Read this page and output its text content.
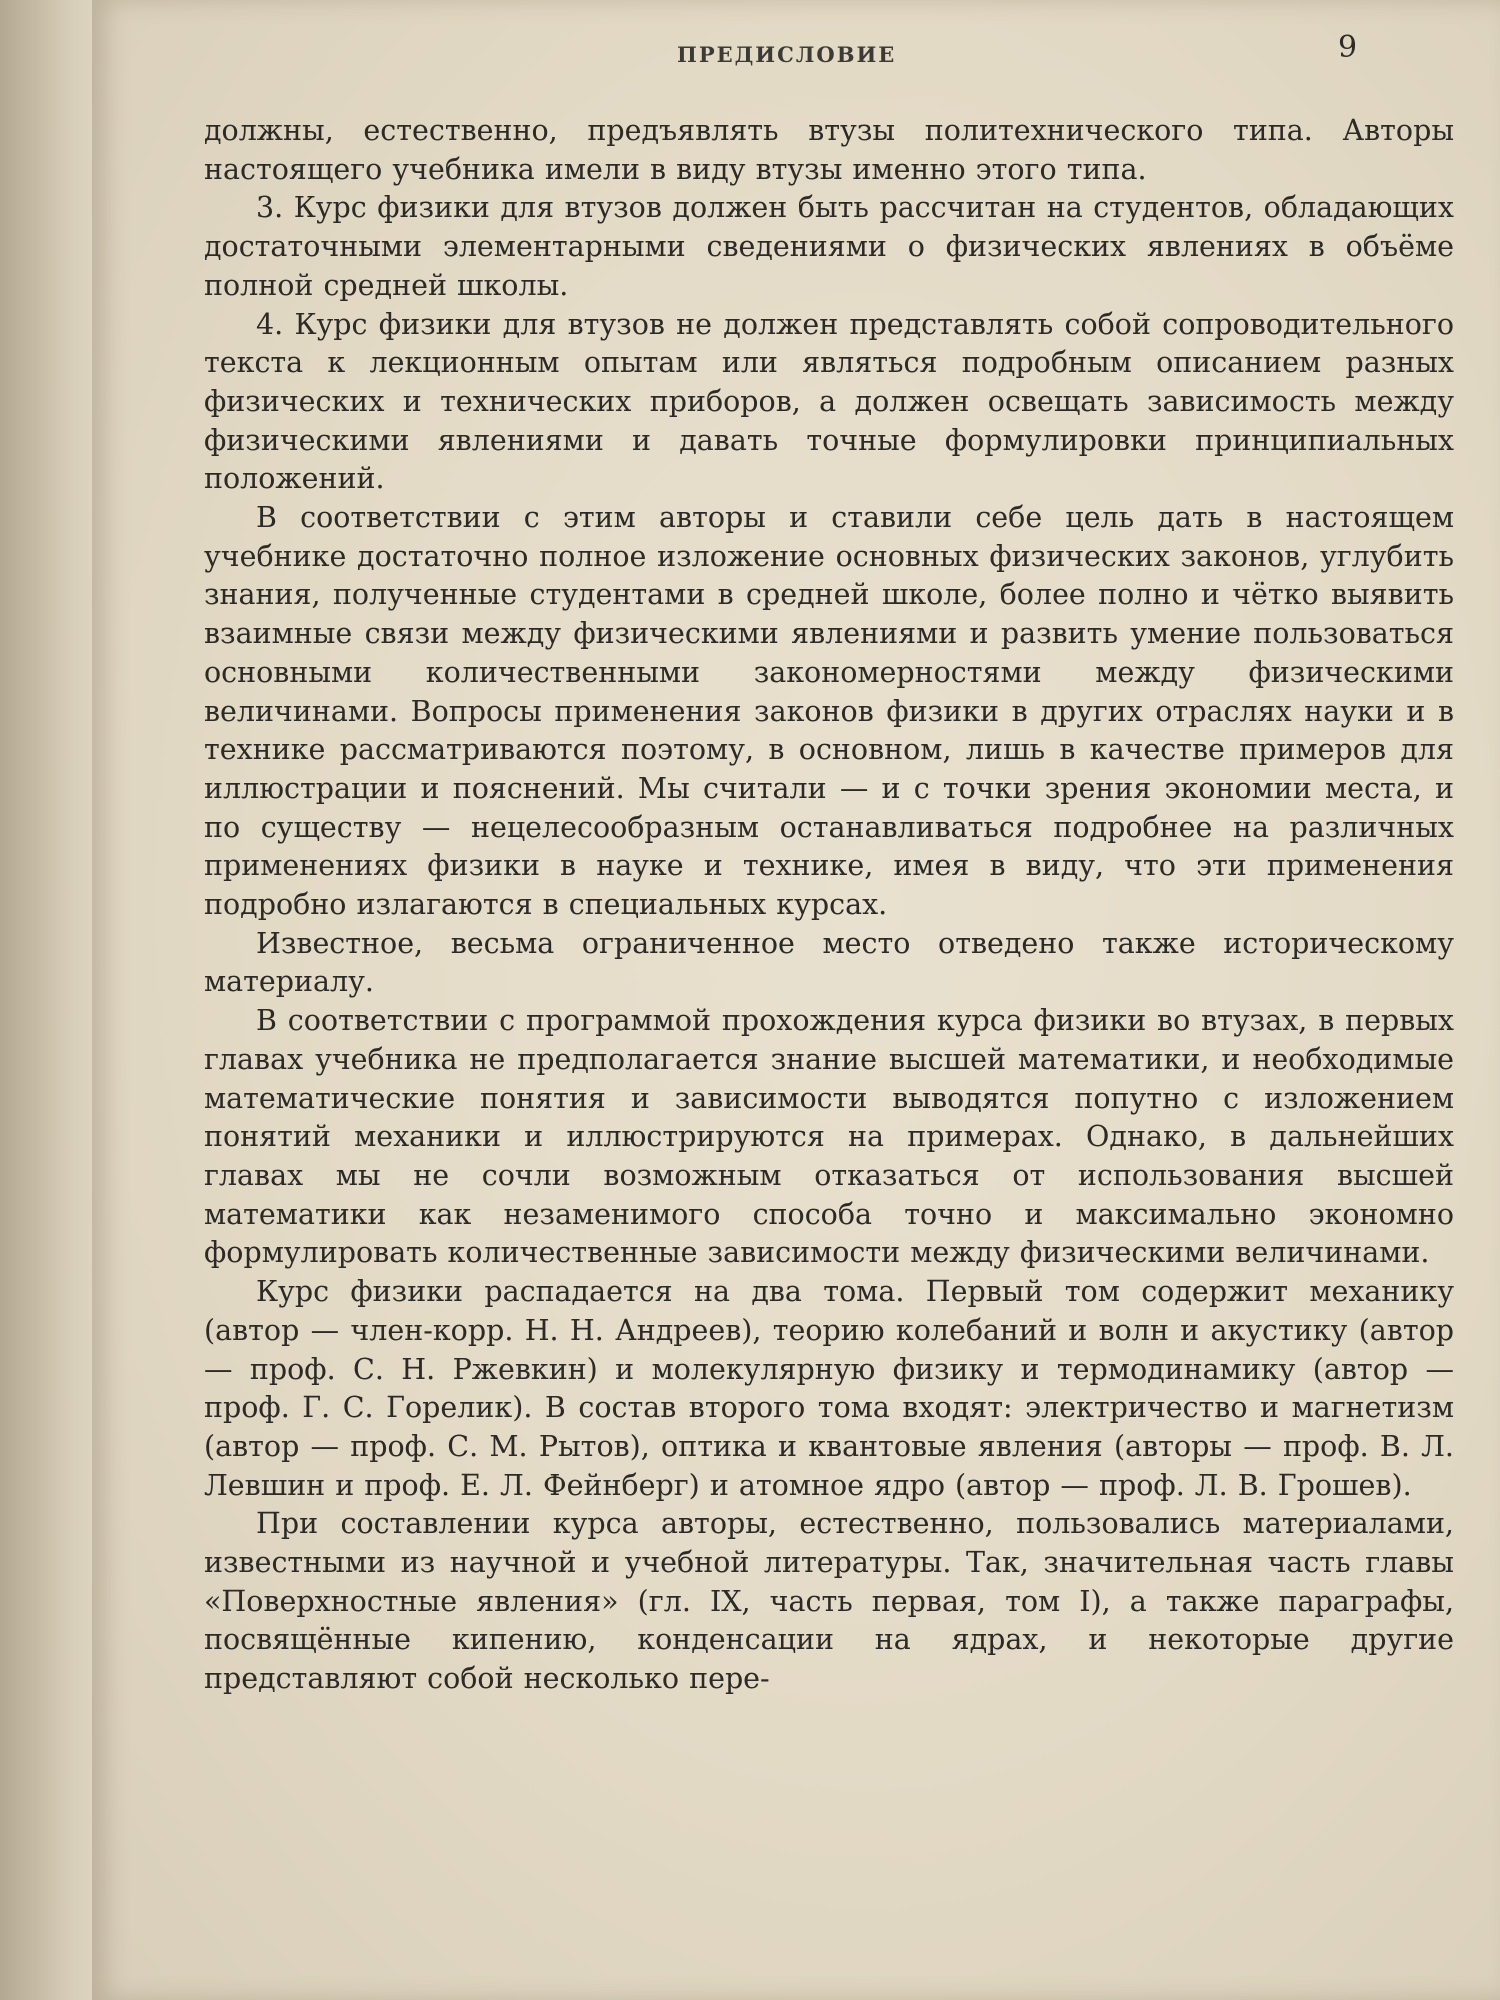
ПРЕДИСЛОВИЕ	9

должны, естественно, предъявлять втузы политехнического типа. Авторы настоящего учебника имели в виду втузы именно этого типа.

3. Курс физики для втузов должен быть рассчитан на студентов, обладающих достаточными элементарными сведениями о физических явлениях в объёме полной средней школы.

4. Курс физики для втузов не должен представлять собой сопроводительного текста к лекционным опытам или являться подробным описанием разных физических и технических приборов, а должен освещать зависимость между физическими явлениями и давать точные формулировки принципиальных положений.

В соответствии с этим авторы и ставили себе цель дать в настоящем учебнике достаточно полное изложение основных физических законов, углубить знания, полученные студентами в средней школе, более полно и чётко выявить взаимные связи между физическими явлениями и развить умение пользоваться основными количественными закономерностями между физическими величинами. Вопросы применения законов физики в других отраслях науки и в технике рассматриваются поэтому, в основном, лишь в качестве примеров для иллюстрации и пояснений. Мы считали — и с точки зрения экономии места, и по существу — нецелесообразным останавливаться подробнее на различных применениях физики в науке и технике, имея в виду, что эти применения подробно излагаются в специальных курсах.

Известное, весьма ограниченное место отведено также историческому материалу.

В соответствии с программой прохождения курса физики во втузах, в первых главах учебника не предполагается знание высшей математики, и необходимые математические понятия и зависимости выводятся попутно с изложением понятий механики и иллюстрируются на примерах. Однако, в дальнейших главах мы не сочли возможным отказаться от использования высшей математики как незаменимого способа точно и максимально экономно формулировать количественные зависимости между физическими величинами.

Курс физики распадается на два тома. Первый том содержит механику (автор — член-корр. Н. Н. Андреев), теорию колебаний и волн и акустику (автор — проф. С. Н. Ржевкин) и молекулярную физику и термодинамику (автор — проф. Г. С. Горелик). В состав второго тома входят: электричество и магнетизм (автор — проф. С. М. Рытов), оптика и квантовые явления (авторы — проф. В. Л. Левшин и проф. Е. Л. Фейнберг) и атомное ядро (автор — проф. Л. В. Грошев).

При составлении курса авторы, естественно, пользовались материалами, известными из научной и учебной литературы. Так, значительная часть главы «Поверхностные явления» (гл. IX, часть первая, том I), а также параграфы, посвящённые кипению, конденсации на ядрах, и некоторые другие представляют собой несколько пере-
